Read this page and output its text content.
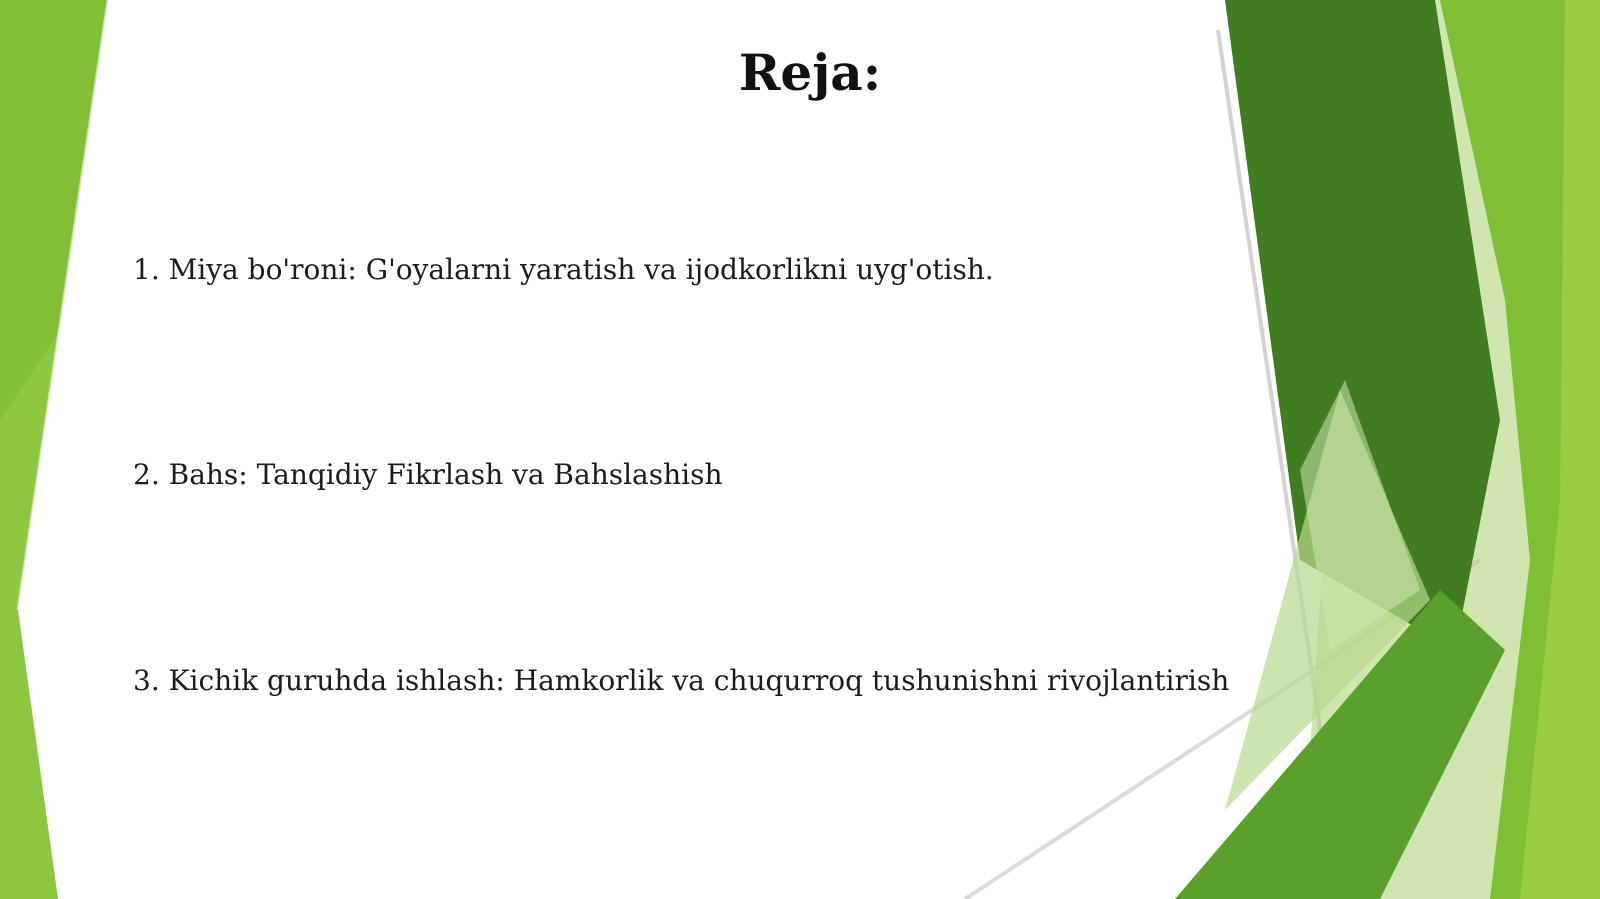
Reja:
1. Miya bo'roni: G'oyalarni yaratish va ijodkorlikni uyg'otish.
2. Bahs: Tanqidiy Fikrlash va Bahslashish
3. Kichik guruhda ishlash: Hamkorlik va chuqurroq tushunishni rivojlantirish
